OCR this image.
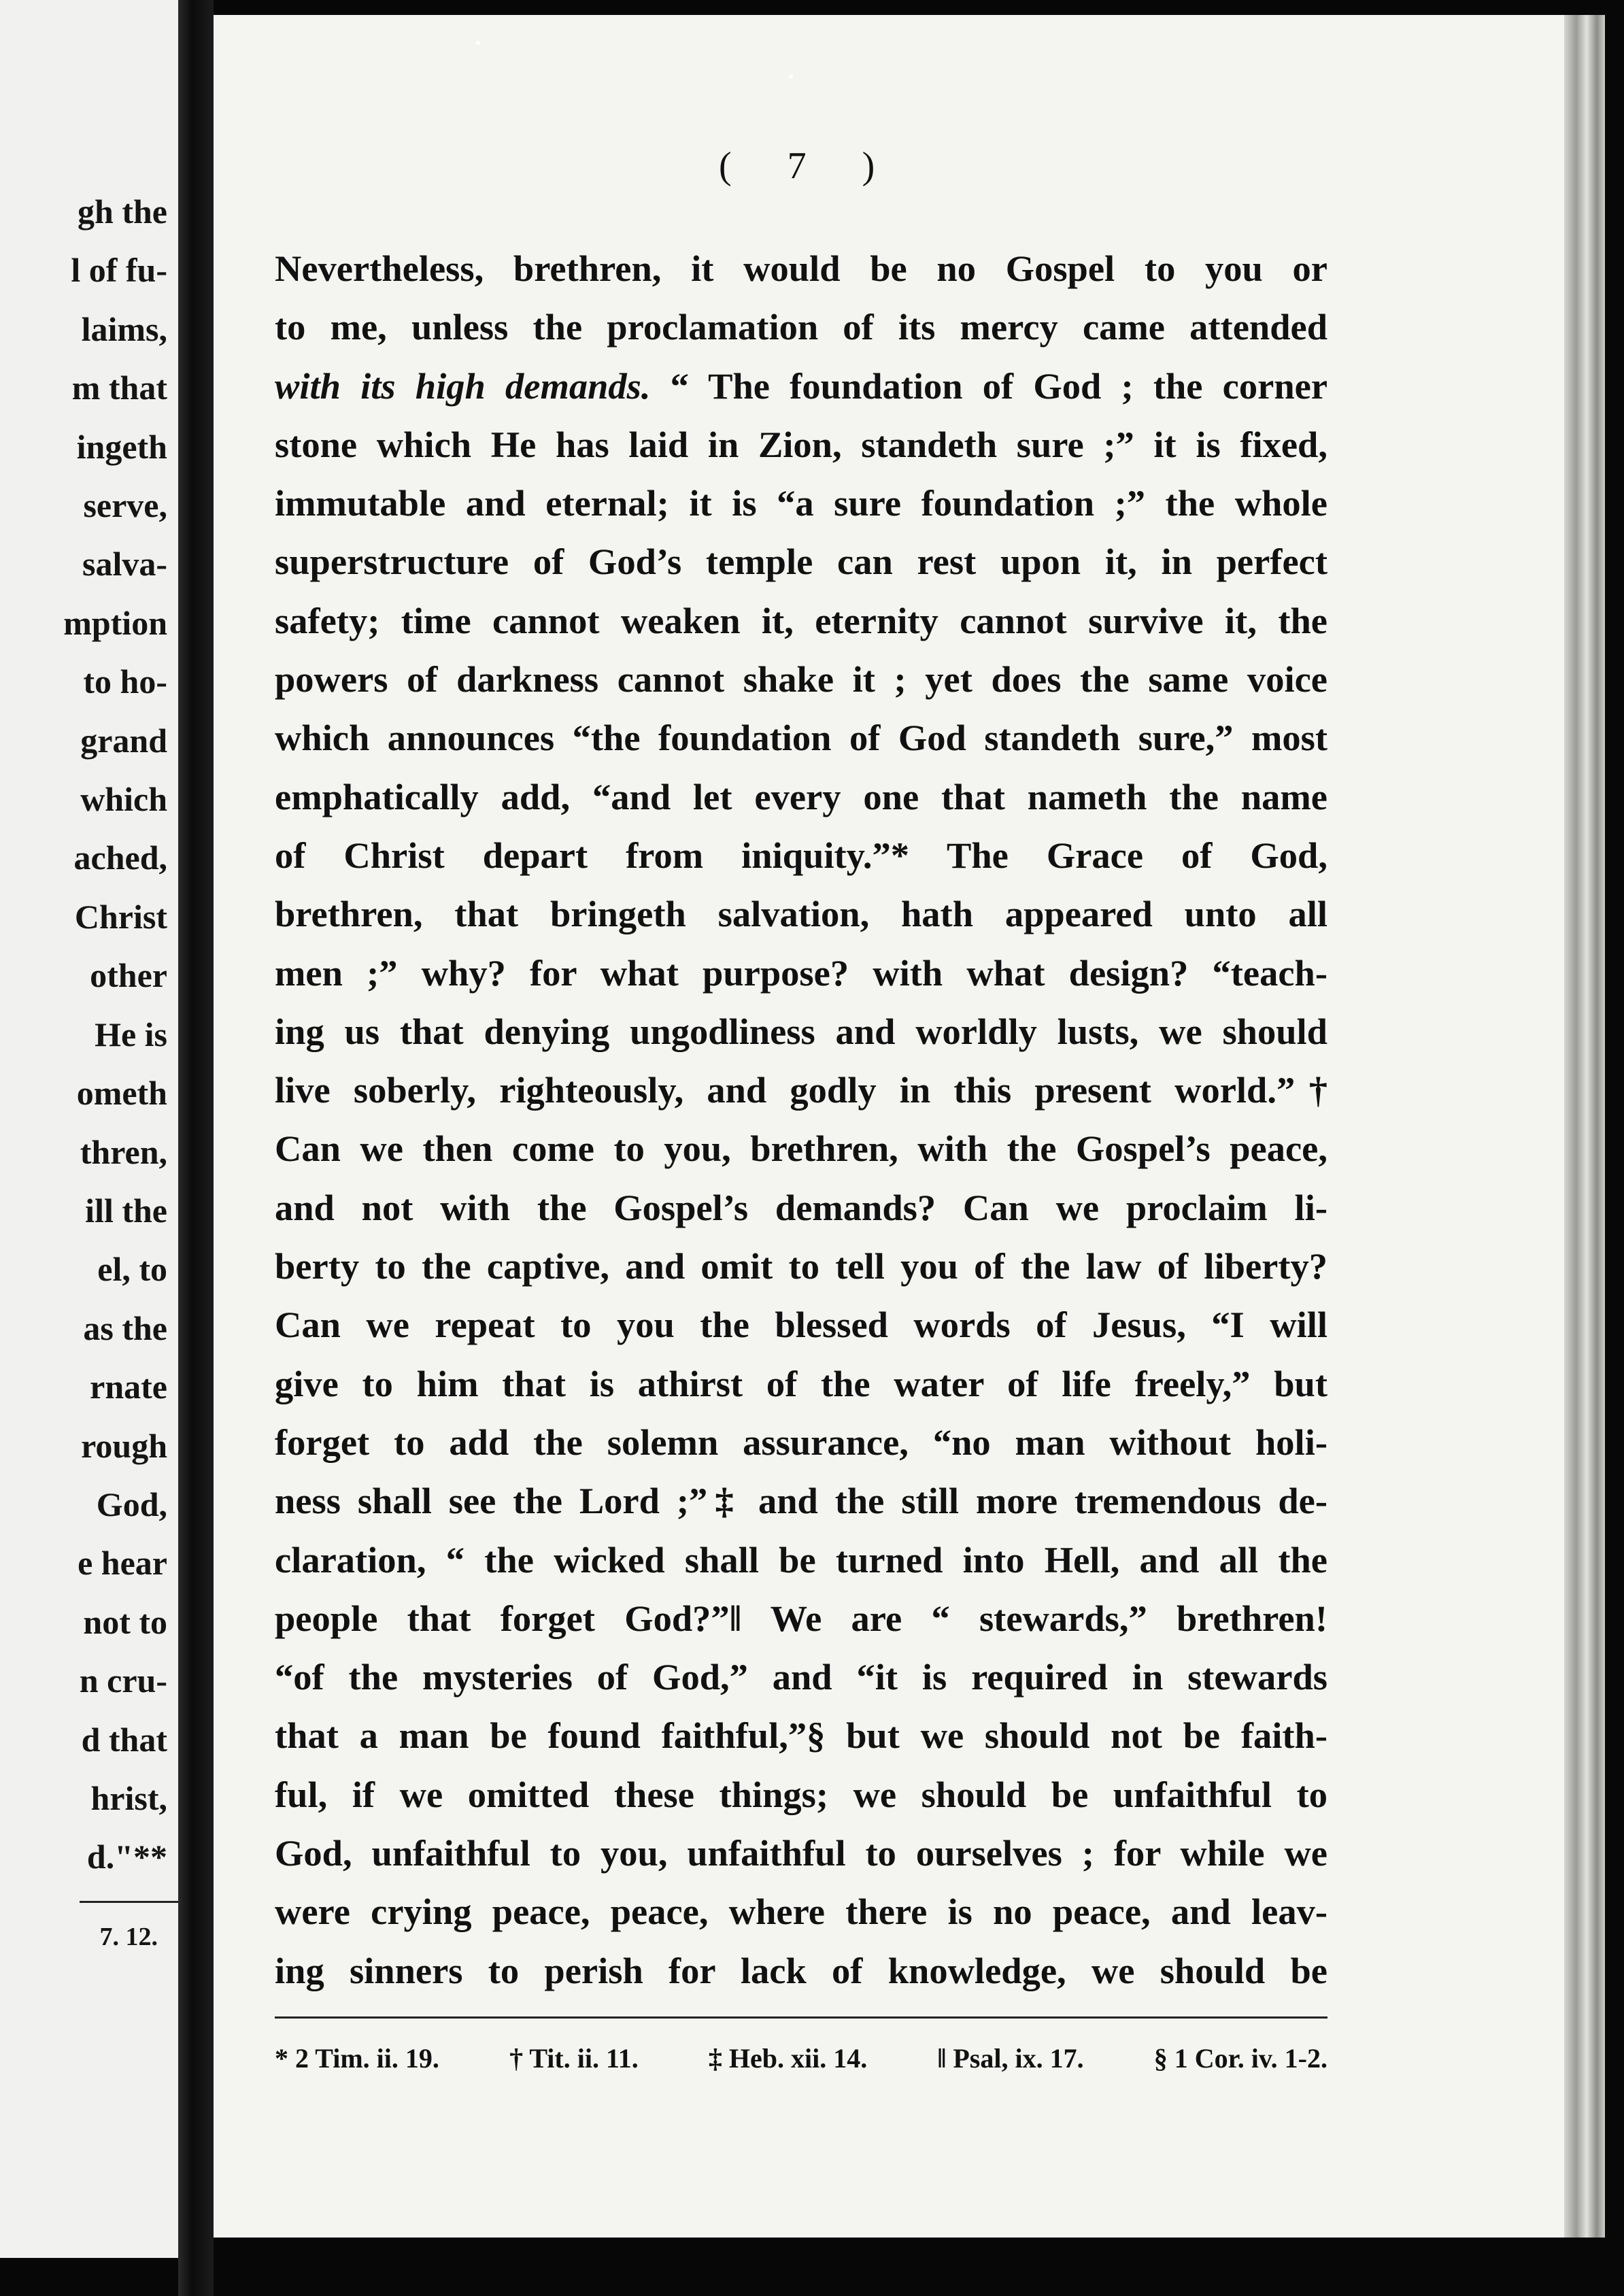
gh the
l of fu-
laims,
m that
ingeth
serve,
salva-
mption
to ho-
grand
which
ached,
Christ
other
He is
ometh
thren,
ill the
el, to
as the
rnate
rough
God,
e hear
not to
n cru-
d that
hrist,
d."**
7. 12.
( 7 )
Nevertheless, brethren, it would be no Gospel to you or
to me, unless the proclamation of its mercy came attended
with its high demands. “ The foundation of God ; the corner
stone which He has laid in Zion, standeth sure ;” it is fixed,
immutable and eternal; it is “a sure foundation ;” the whole
superstructure of God’s temple can rest upon it, in perfect
safety; time cannot weaken it, eternity cannot survive it, the
powers of darkness cannot shake it ; yet does the same voice
which announces “the foundation of God standeth sure,” most
emphatically add, “and let every one that nameth the name
of Christ depart from iniquity.”* The Grace of God,
brethren, that bringeth salvation, hath appeared unto all
men ;” why? for what purpose? with what design? “teach-
ing us that denying ungodliness and worldly lusts, we should
live soberly, righteously, and godly in this present world.”†
Can we then come to you, brethren, with the Gospel’s peace,
and not with the Gospel’s demands? Can we proclaim li-
berty to the captive, and omit to tell you of the law of liberty?
Can we repeat to you the blessed words of Jesus, “I will
give to him that is athirst of the water of life freely,” but
forget to add the solemn assurance, “no man without holi-
ness shall see the Lord ;”‡ and the still more tremendous de-
claration, “ the wicked shall be turned into Hell, and all the
people that forget God?”‖ We are “ stewards,” brethren!
“of the mysteries of God,” and “it is required in stewards
that a man be found faithful,”§ but we should not be faith-
ful, if we omitted these things; we should be unfaithful to
God, unfaithful to you, unfaithful to ourselves ; for while we
were crying peace, peace, where there is no peace, and leav-
ing sinners to perish for lack of knowledge, we should be
* 2 Tim. ii. 19.	† Tit. ii. 11.	‡ Heb. xii. 14.	‖ Psal, ix. 17.	§ 1 Cor. iv. 1-2.
